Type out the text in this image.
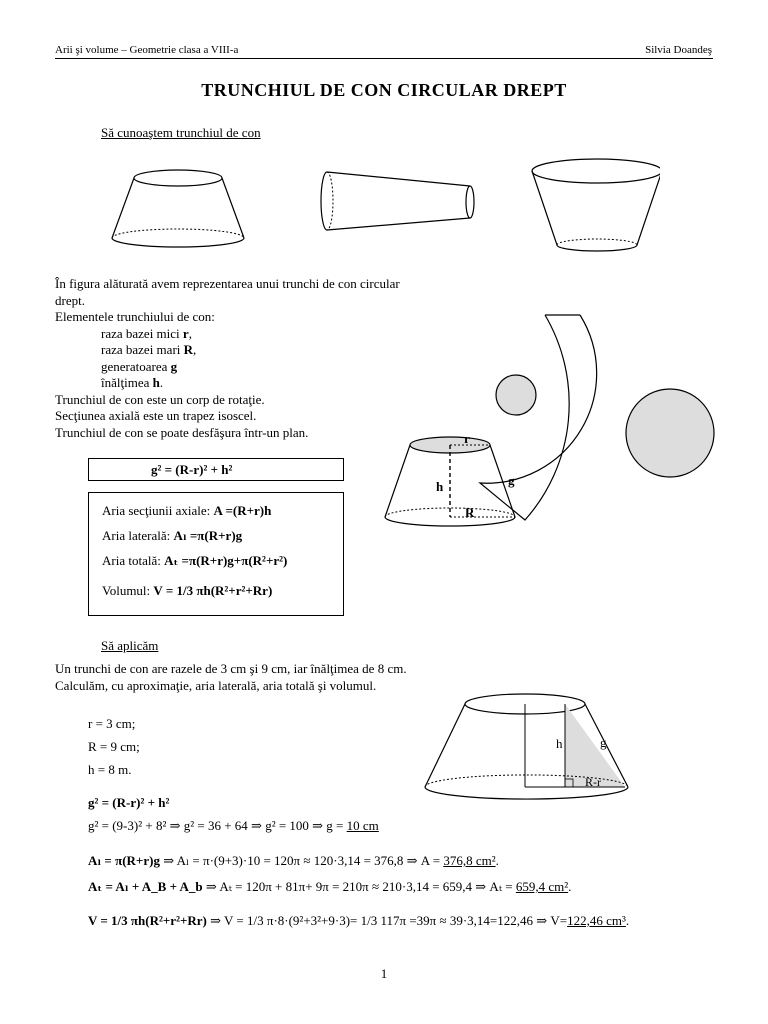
Arii şi volume – Geometrie clasa a VIII-a	Silvia Doandeş
TRUNCHIUL DE CON CIRCULAR DREPT
Să cunoaştem trunchiul de con
În figura alăturată avem reprezentarea unui trunchi de con circular
drept.
Elementele trunchiului de con:
raza bazei mici r,
raza bazei mari R,
generatoarea g
înălţimea h.
Trunchiul de con este un corp de rotaţie.
Secţiunea axială este un trapez isoscel.
Trunchiul de con se poate desfăşura într-un plan.	r
R
h	g
g² = (R-r)² + h²
Aria secţiunii axiale: A =(R+r)h
Aria laterală: Aₗ =π(R+r)g
Aria totală: Aₜ =π(R+r)g+π(R²+r²)
Volumul: V = 1/3 πh(R²+r²+Rr)
Să aplicăm
Un trunchi de con are razele de 3 cm şi 9 cm, iar înălţimea de 8 cm.
Calculăm, cu aproximaţie, aria laterală, aria totală şi volumul.
r = 3 cm;
R = 9 cm;
h = 8 m.
h	g
R-r
g² = (R-r)² + h²
g² = (9-3)² + 8² ⇒ g² = 36 + 64 ⇒ g² = 100 ⇒ g = 10 cm
Aₗ = π(R+r)g ⇒ Aₗ = π·(9+3)·10 = 120π ≈ 120·3,14 = 376,8 ⇒ A = 376,8 cm².
Aₜ = Aₗ + A_B + A_b ⇒ Aₜ = 120π + 81π+ 9π = 210π ≈ 210·3,14 = 659,4 ⇒ Aₜ = 659,4 cm².
V = 1/3 πh(R²+r²+Rr) ⇒ V = 1/3 π·8·(9²+3²+9·3)= 1/3 117π =39π ≈ 39·3,14=122,46 ⇒ V=122,46 cm³.
1
